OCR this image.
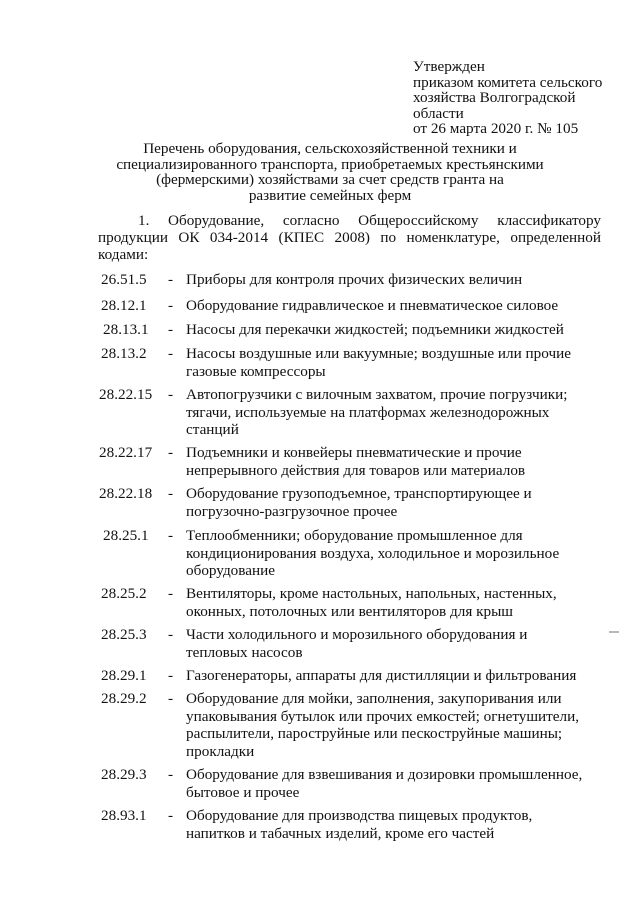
Утвержден
приказом комитета сельского
хозяйства Волгоградской
области
от 26 марта 2020 г. № 105
Перечень оборудования, сельскохозяйственной техники и
специализированного транспорта, приобретаемых крестьянскими
(фермерскими) хозяйствами за счет средств гранта на
развитие семейных ферм
1. Оборудование, согласно Общероссийскому классификатору продукции ОК 034-2014 (КПЕС 2008) по номенклатуре, определенной кодами:
26.51.5 - Приборы для контроля прочих физических величин
28.12.1 - Оборудование гидравлическое и пневматическое силовое
28.13.1 - Насосы для перекачки жидкостей; подъемники жидкостей
28.13.2 - Насосы воздушные или вакуумные; воздушные или прочие газовые компрессоры
28.22.15 - Автопогрузчики с вилочным захватом, прочие погрузчики; тягачи, используемые на платформах железнодорожных станций
28.22.17 - Подъемники и конвейеры пневматические и прочие непрерывного действия для товаров или материалов
28.22.18 - Оборудование грузоподъемное, транспортирующее и погрузочно-разгрузочное прочее
28.25.1 - Теплообменники; оборудование промышленное для кондиционирования воздуха, холодильное и морозильное оборудование
28.25.2 - Вентиляторы, кроме настольных, напольных, настенных, оконных, потолочных или вентиляторов для крыш
28.25.3 - Части холодильного и морозильного оборудования и тепловых насосов
28.29.1 - Газогенераторы, аппараты для дистилляции и фильтрования
28.29.2 - Оборудование для мойки, заполнения, закупоривания или упаковывания бутылок или прочих емкостей; огнетушители, распылители, пароструйные или пескоструйные машины; прокладки
28.29.3 - Оборудование для взвешивания и дозировки промышленное, бытовое и прочее
28.93.1 - Оборудование для производства пищевых продуктов, напитков и табачных изделий, кроме его частей
